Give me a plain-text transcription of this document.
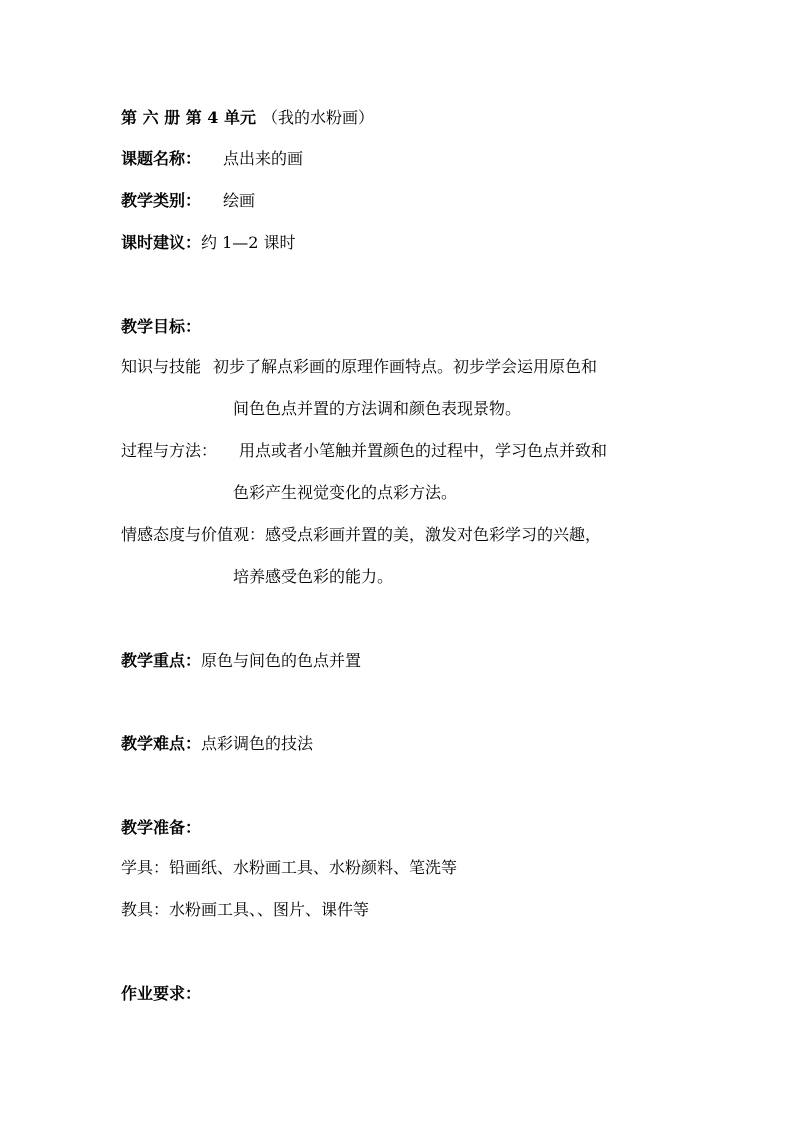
第 六 册 第 4 单元 （我的水粉画）
课题名称： 点出来的画
教学类别： 绘画
课时建议：约 1—2 课时
教学目标：
知识与技能 初步了解点彩画的原理作画特点。初步学会运用原色和
间色色点并置的方法调和颜色表现景物。
过程与方法： 用点或者小笔触并置颜色的过程中，学习色点并致和
色彩产生视觉变化的点彩方法。
情感态度与价值观：感受点彩画并置的美，激发对色彩学习的兴趣，
培养感受色彩的能力。
教学重点：原色与间色的色点并置
教学难点：点彩调色的技法
教学准备：
学具：铅画纸、水粉画工具、水粉颜料、笔洗等
教具：水粉画工具、、图片、课件等
作业要求：
